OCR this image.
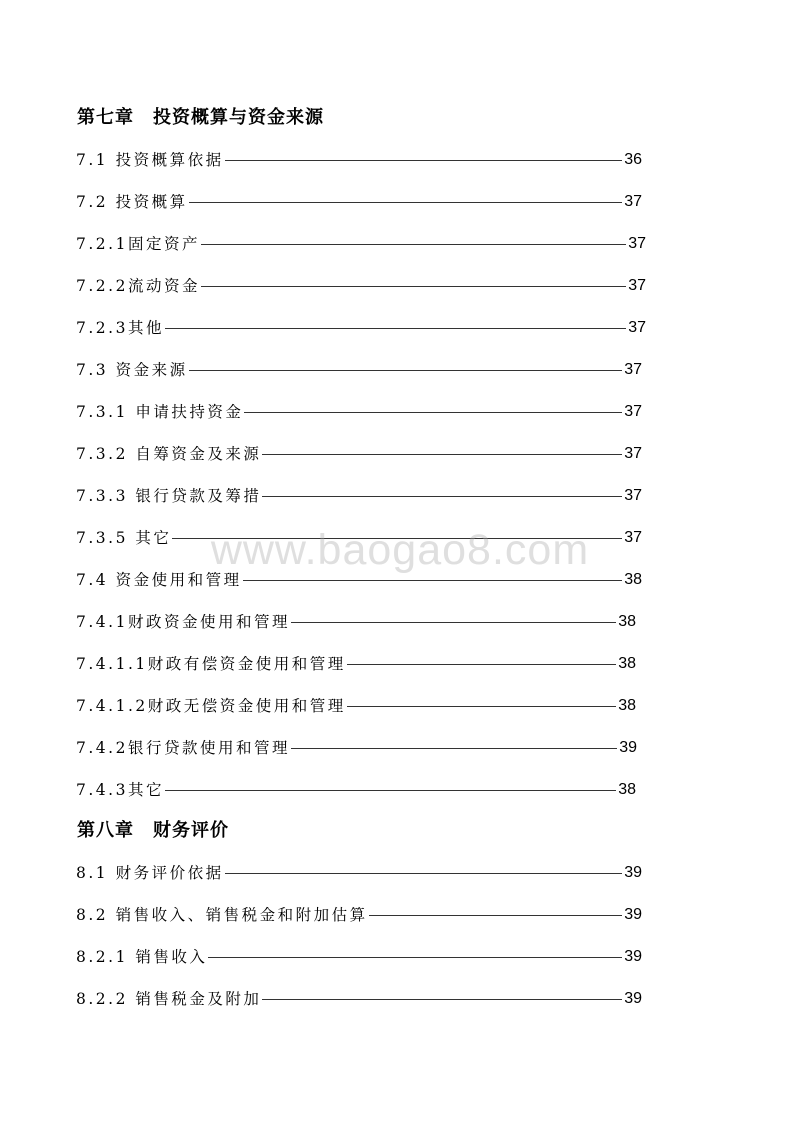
第七章　投资概算与资金来源
7.1 投资概算依据	36
7.2 投资概算	37
7.2.1固定资产	37
7.2.2流动资金	37
7.2.3其他	37
7.3 资金来源	37
7.3.1 申请扶持资金	37
7.3.2 自筹资金及来源	37
7.3.3 银行贷款及筹措	37
7.3.5 其它	37
7.4 资金使用和管理	38
7.4.1财政资金使用和管理	38
7.4.1.1财政有偿资金使用和管理	38
7.4.1.2财政无偿资金使用和管理	38
7.4.2银行贷款使用和管理	39
7.4.3其它	38
第八章　财务评价
8.1 财务评价依据	39
8.2 销售收入、销售税金和附加估算	39
8.2.1 销售收入	39
8.2.2 销售税金及附加	39
www.baogao8.com
